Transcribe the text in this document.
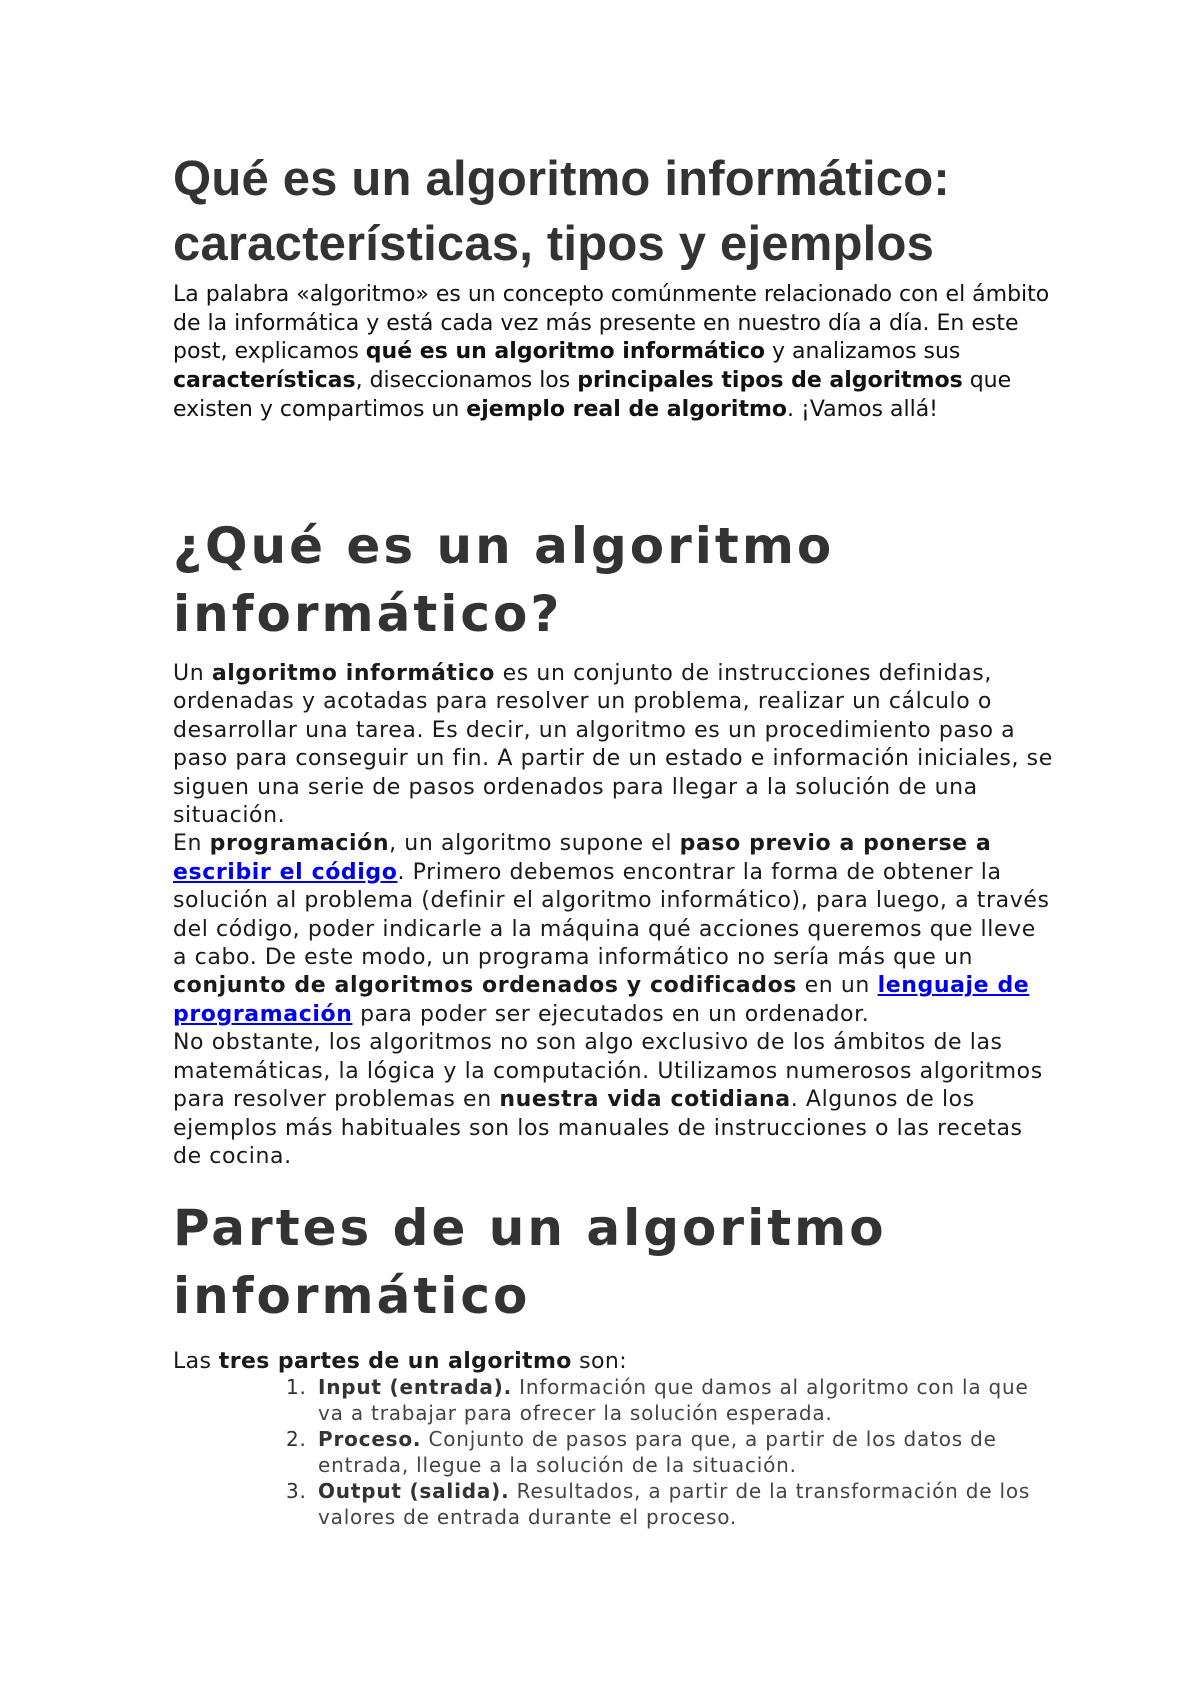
Qué es un algoritmo informático: características, tipos y ejemplos

La palabra «algoritmo» es un concepto comúnmente relacionado con el ámbito de la informática y está cada vez más presente en nuestro día a día. En este post, explicamos qué es un algoritmo informático y analizamos sus características, diseccionamos los principales tipos de algoritmos que existen y compartimos un ejemplo real de algoritmo. ¡Vamos allá!

¿Qué es un algoritmo informático?

Un algoritmo informático es un conjunto de instrucciones definidas, ordenadas y acotadas para resolver un problema, realizar un cálculo o desarrollar una tarea. Es decir, un algoritmo es un procedimiento paso a paso para conseguir un fin. A partir de un estado e información iniciales, se siguen una serie de pasos ordenados para llegar a la solución de una situación.

En programación, un algoritmo supone el paso previo a ponerse a escribir el código. Primero debemos encontrar la forma de obtener la solución al problema (definir el algoritmo informático), para luego, a través del código, poder indicarle a la máquina qué acciones queremos que lleve a cabo. De este modo, un programa informático no sería más que un conjunto de algoritmos ordenados y codificados en un lenguaje de programación para poder ser ejecutados en un ordenador.

No obstante, los algoritmos no son algo exclusivo de los ámbitos de las matemáticas, la lógica y la computación. Utilizamos numerosos algoritmos para resolver problemas en nuestra vida cotidiana. Algunos de los ejemplos más habituales son los manuales de instrucciones o las recetas de cocina.

Partes de un algoritmo informático

Las tres partes de un algoritmo son:

1. Input (entrada). Información que damos al algoritmo con la que va a trabajar para ofrecer la solución esperada.
2. Proceso. Conjunto de pasos para que, a partir de los datos de entrada, llegue a la solución de la situación.
3. Output (salida). Resultados, a partir de la transformación de los valores de entrada durante el proceso.
